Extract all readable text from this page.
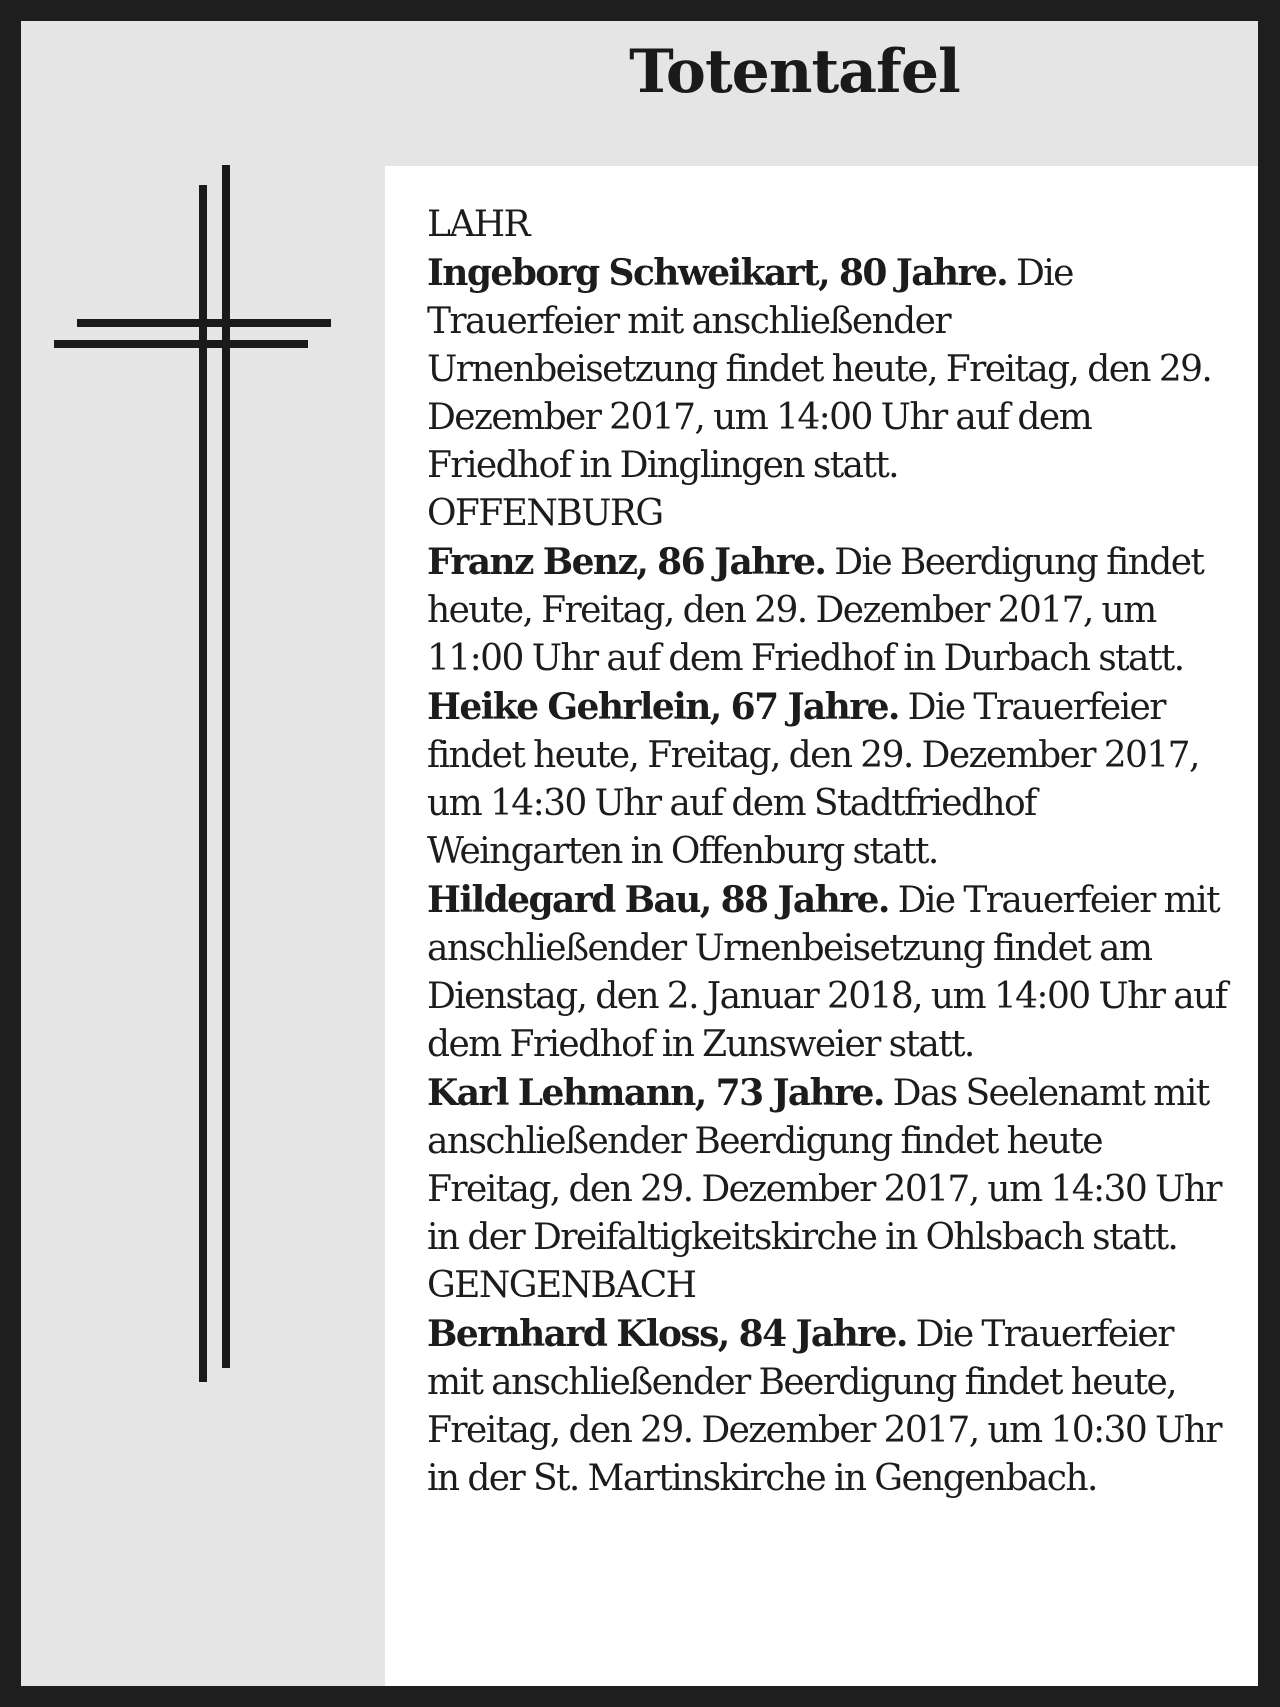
Totentafel
LAHR
Ingeborg Schweikart, 80 Jahre. Die Trauerfeier mit anschließender Urnenbeisetzung findet heute, Freitag, den 29. Dezember 2017, um 14:00 Uhr auf dem Friedhof in Dinglingen statt.
OFFENBURG
Franz Benz, 86 Jahre. Die Beerdigung findet heute, Freitag, den 29. Dezember 2017, um 11:00 Uhr auf dem Friedhof in Durbach statt.
Heike Gehrlein, 67 Jahre. Die Trauerfeier findet heute, Freitag, den 29. Dezember 2017, um 14:30 Uhr auf dem Stadtfriedhof Weingarten in Offenburg statt.
Hildegard Bau, 88 Jahre. Die Trauerfeier mit anschließender Urnenbeisetzung findet am Dienstag, den 2. Januar 2018, um 14:00 Uhr auf dem Friedhof in Zunsweier statt.
Karl Lehmann, 73 Jahre. Das Seelenamt mit anschließender Beerdigung findet heute Freitag, den 29. Dezember 2017, um 14:30 Uhr in der Dreifaltigkeitskirche in Ohlsbach statt.
GENGENBACH
Bernhard Kloss, 84 Jahre. Die Trauerfeier mit anschließender Beerdigung findet heute, Freitag, den 29. Dezember 2017, um 10:30 Uhr in der St. Martinskirche in Gengenbach.
